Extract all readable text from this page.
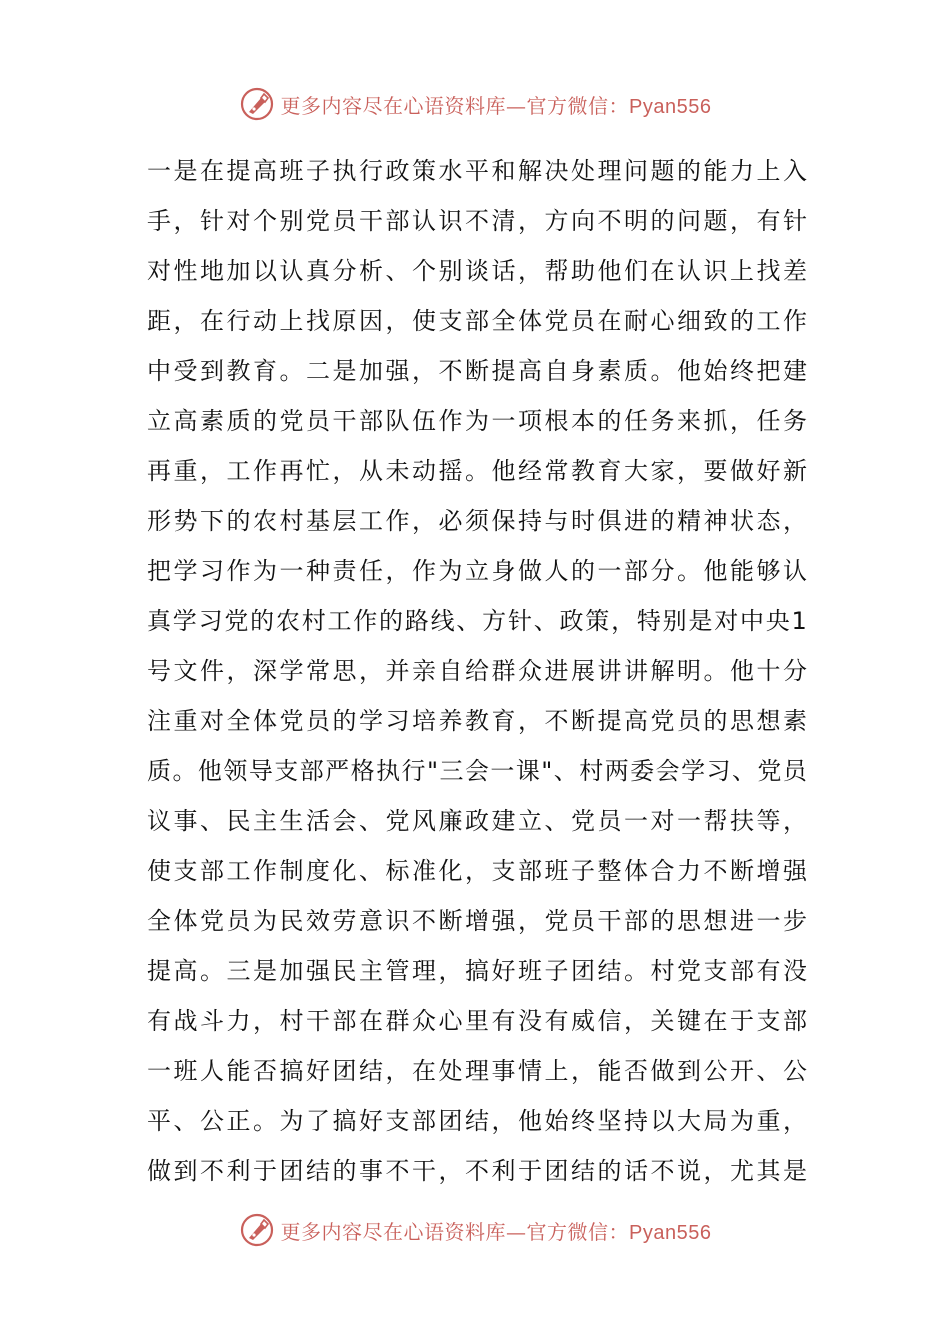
更多内容尽在心语资料库—官方微信：Pyan556
一 是 在 提 高 班 子 执 行 政 策 水 平 和 解 决 处 理 问 题 的 能 力 上 入
手 ， 针 对 个 别 党 员 干 部 认 识 不 清 ， 方 向 不 明 的 问 题 ， 有 针
对 性 地 加 以 认 真 分 析 、 个 别 谈 话 ， 帮 助 他 们 在 认 识 上 找 差
距 ， 在 行 动 上 找 原 因 ， 使 支 部 全 体 党 员 在 耐 心 细 致 的 工 作
中 受 到 教 育 。 二 是 加 强 ， 不 断 提 高 自 身 素 质 。 他 始 终 把 建
立 高 素 质 的 党 员 干 部 队 伍 作 为 一 项 根 本 的 任 务 来 抓 ， 任 务
再 重 ， 工 作 再 忙 ， 从 未 动 摇 。 他 经 常 教 育 大 家 ， 要 做 好 新
形 势 下 的 农 村 基 层 工 作 ， 必 须 保 持 与 时 俱 进 的 精 神 状 态 ，
把 学 习 作 为 一 种 责 任 ， 作 为 立 身 做 人 的 一 部 分 。 他 能 够 认
真 学 习 党 的 农 村 工 作 的 路 线 、 方 针 、 政 策 ， 特 别 是 对 中 央 1
号 文 件 ， 深 学 常 思 ， 并 亲 自 给 群 众 进 展 讲 讲 解 明 。 他 十 分
注 重 对 全 体 党 员 的 学 习 培 养 教 育 ， 不 断 提 高 党 员 的 思 想 素
质 。 他 领 导 支 部 严 格 执 行 " 三 会 一 课 " 、 村 两 委 会 学 习 、 党 员
议 事 、 民 主 生 活 会 、 党 风 廉 政 建 立 、 党 员 一 对 一 帮 扶 等 ，
使 支 部 工 作 制 度 化 、 标 准 化 ， 支 部 班 子 整 体 合 力 不 断 增 强
全 体 党 员 为 民 效 劳 意 识 不 断 增 强 ， 党 员 干 部 的 思 想 进 一 步
提 高 。 三 是 加 强 民 主 管 理 ， 搞 好 班 子 团 结 。 村 党 支 部 有 没
有 战 斗 力 ， 村 干 部 在 群 众 心 里 有 没 有 威 信 ， 关 键 在 于 支 部
一 班 人 能 否 搞 好 团 结 ， 在 处 理 事 情 上 ， 能 否 做 到 公 开 、 公
平 、 公 正 。 为 了 搞 好 支 部 团 结 ， 他 始 终 坚 持 以 大 局 为 重 ，
做 到 不 利 于 团 结 的 事 不 干 ， 不 利 于 团 结 的 话 不 说 ， 尤 其 是
更多内容尽在心语资料库—官方微信：Pyan556
